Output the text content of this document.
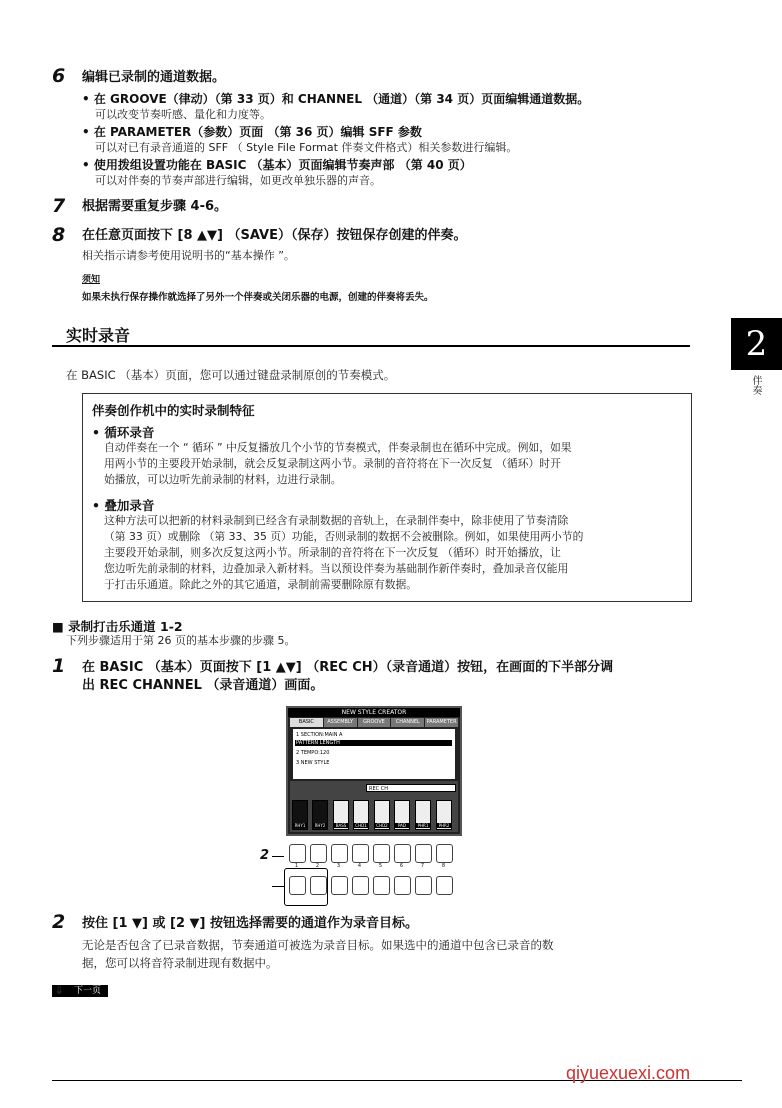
6 编辑已录制的通道数据。
• 在 GROOVE（律动）（第 33 页）和 CHANNEL （通道）（第 34 页）页面编辑通道数据。
可以改变节奏听感、量化和力度等。
• 在 PARAMETER（参数）页面 （第 36 页）编辑 SFF 参数
可以对已有录音通道的 SFF （ Style File Format 伴奏文件格式）相关参数进行编辑。
• 使用拨组设置功能在 BASIC （基本）页面编辑节奏声部 （第 40 页）
可以对伴奏的节奏声部进行编辑，如更改单独乐器的声音。
7 根据需要重复步骤 4-6。
8 在任意页面按下 [8 ▲▼] （SAVE）（保存）按钮保存创建的伴奏。
相关指示请参考使用说明书的“基本操作 ”。
须知
如果未执行保存操作就选择了另外一个伴奏或关闭乐器的电源，创建的伴奏将丢失。
实时录音
在 BASIC （基本）页面，您可以通过键盘录制原创的节奏模式。
2
伴奏
伴奏创作机中的实时录制特征
• 循环录音
自动伴奏在一个 “ 循环 ” 中反复播放几个小节的节奏模式，伴奏录制也在循环中完成。例如，如果
用两小节的主要段开始录制，就会反复录制这两小节。录制的音符将在下一次反复 （循环）时开
始播放，可以边听先前录制的材料，边进行录制。
• 叠加录音
这种方法可以把新的材料录制到已经含有录制数据的音轨上，在录制伴奏中，除非使用了节奏清除
（第 33 页）或删除 （第 33、35 页）功能，否则录制的数据不会被删除。例如，如果使用两小节的
主要段开始录制，则多次反复这两小节。所录制的音符将在下一次反复 （循环）时开始播放，让
您边听先前录制的材料，边叠加录入新材料。当以预设伴奏为基础制作新伴奏时，叠加录音仅能用
于打击乐通道。除此之外的其它通道，录制前需要删除原有数据。
■ 录制打击乐通道 1-2
下列步骤适用于第 26 页的基本步骤的步骤 5。
1 在 BASIC （基本）页面按下 [1 ▲▼] （REC CH）（录音通道）按钮，在画面的下半部分调
出 REC CHANNEL （录音通道）画面。
NEW STYLE CREATOR
BASIC	ASSEMBLY	GROOVE	CHANNEL	PARAMETER
1 SECTION:MAIN A
PATTERN LENGTH
2 TEMPO:120
3 NEW STYLE
REC CH
RHY1	RHY2	BASS	CHD1	CHD2	PAD	PHR1	PHR2
1	2	3	4	5	6	7	8
2
2 按住 [1 ▼] 或 [2 ▼] 按钮选择需要的通道作为录音目标。
无论是否包含了已录音数据，节奏通道可被选为录音目标。如果选中的通道中包含已录音的数
据，您可以将音符录制进现有数据中。
下一页
⇓
qiyuexuexi.com
